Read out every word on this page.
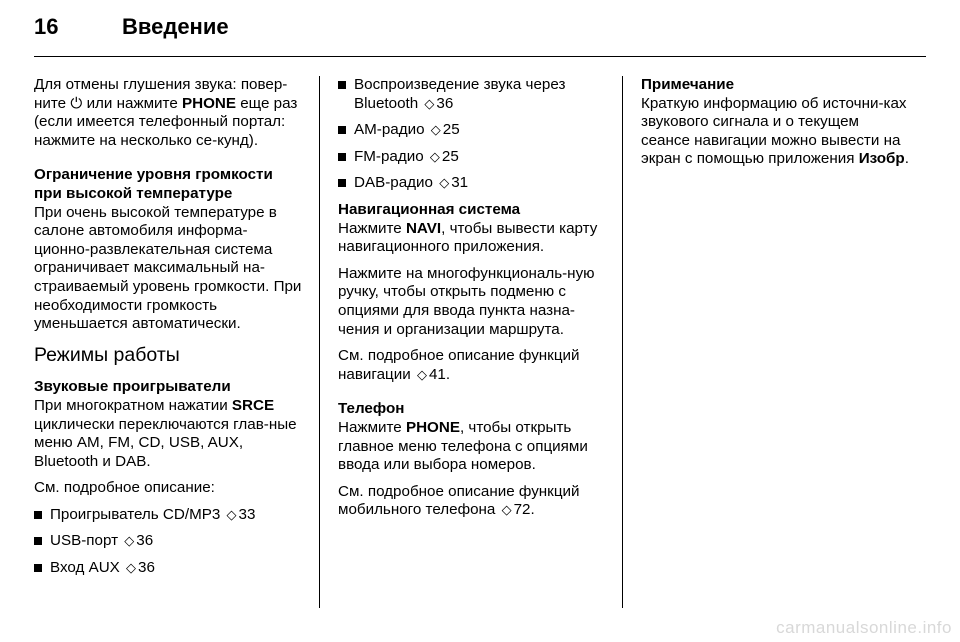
16	Введение

Для отмены глушения звука: повер-ните ⏻ или нажмите PHONE еще раз (если имеется телефонный портал: нажмите на несколько се-кунд).

Ограничение уровня громкости при высокой температуре

При очень высокой температуре в салоне автомобиля информа-ционно-развлекательная система ограничивает максимальный на-страиваемый уровень громкости. При необходимости громкость уменьшается автоматически.

Режимы работы

Звуковые проигрыватели

При многократном нажатии SRCE циклически переключаются глав-ные меню AM, FM, CD, USB, AUX, Bluetooth и DAB.

См. подробное описание:

Проигрыватель CD/MP3 ◇ 33
USB-порт ◇ 36
Вход AUX ◇ 36
Воспроизведение звука через Bluetooth ◇ 36
AM-радио ◇ 25
FM-радио ◇ 25
DAB-радио ◇ 31

Навигационная система

Нажмите NAVI, чтобы вывести карту навигационного приложения.

Нажмите на многофункциональ-ную ручку, чтобы открыть подменю с опциями для ввода пункта назна-чения и организации маршрута.

См. подробное описание функций навигации ◇ 41.

Телефон

Нажмите PHONE, чтобы открыть главное меню телефона с опциями ввода или выбора номеров.

См. подробное описание функций мобильного телефона ◇ 72.

Примечание

Краткую информацию об источни-ках звукового сигнала и о текущем сеансе навигации можно вывести на экран с помощью приложения Изобр.

carmanualsonline.info
